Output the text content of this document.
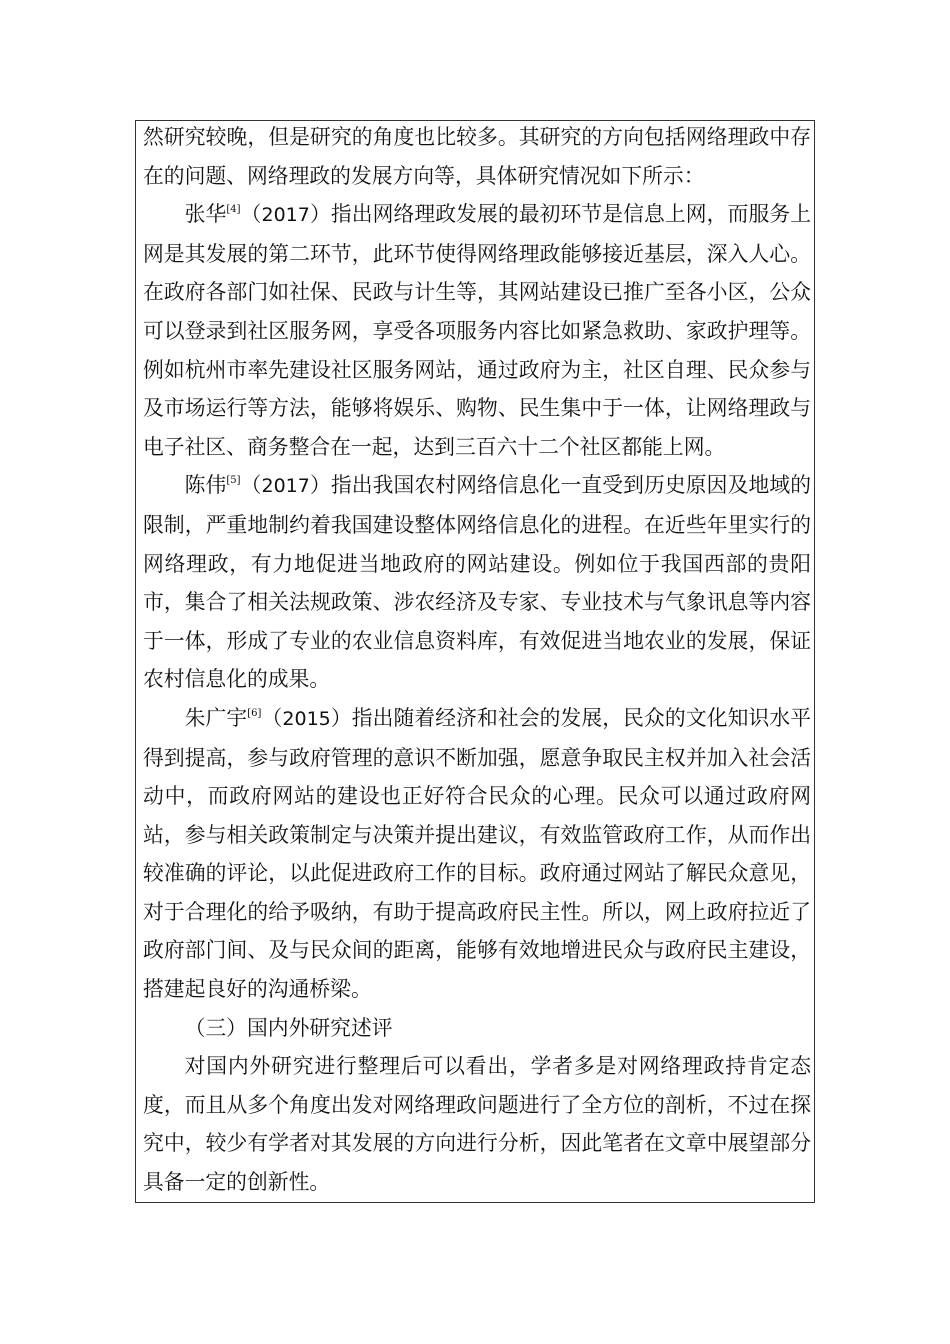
然研究较晚，但是研究的角度也比较多。其研究的方向包括网络理政中存在的问题、网络理政的发展方向等，具体研究情况如下所示：

张华[4]（2017）指出网络理政发展的最初环节是信息上网，而服务上网是其发展的第二环节，此环节使得网络理政能够接近基层，深入人心。在政府各部门如社保、民政与计生等，其网站建设已推广至各小区，公众可以登录到社区服务网，享受各项服务内容比如紧急救助、家政护理等。例如杭州市率先建设社区服务网站，通过政府为主，社区自理、民众参与及市场运行等方法，能够将娱乐、购物、民生集中于一体，让网络理政与电子社区、商务整合在一起，达到三百六十二个社区都能上网。

陈伟[5]（2017）指出我国农村网络信息化一直受到历史原因及地域的限制，严重地制约着我国建设整体网络信息化的进程。在近些年里实行的网络理政，有力地促进当地政府的网站建设。例如位于我国西部的贵阳市，集合了相关法规政策、涉农经济及专家、专业技术与气象讯息等内容于一体，形成了专业的农业信息资料库，有效促进当地农业的发展，保证农村信息化的成果。

朱广宇[6]（2015）指出随着经济和社会的发展，民众的文化知识水平得到提高，参与政府管理的意识不断加强，愿意争取民主权并加入社会活动中，而政府网站的建设也正好符合民众的心理。民众可以通过政府网站，参与相关政策制定与决策并提出建议，有效监管政府工作，从而作出较准确的评论，以此促进政府工作的目标。政府通过网站了解民众意见，对于合理化的给予吸纳，有助于提高政府民主性。所以，网上政府拉近了政府部门间、及与民众间的距离，能够有效地增进民众与政府民主建设，搭建起良好的沟通桥梁。

（三）国内外研究述评

对国内外研究进行整理后可以看出，学者多是对网络理政持肯定态度，而且从多个角度出发对网络理政问题进行了全方位的剖析，不过在探究中，较少有学者对其发展的方向进行分析，因此笔者在文章中展望部分具备一定的创新性。
